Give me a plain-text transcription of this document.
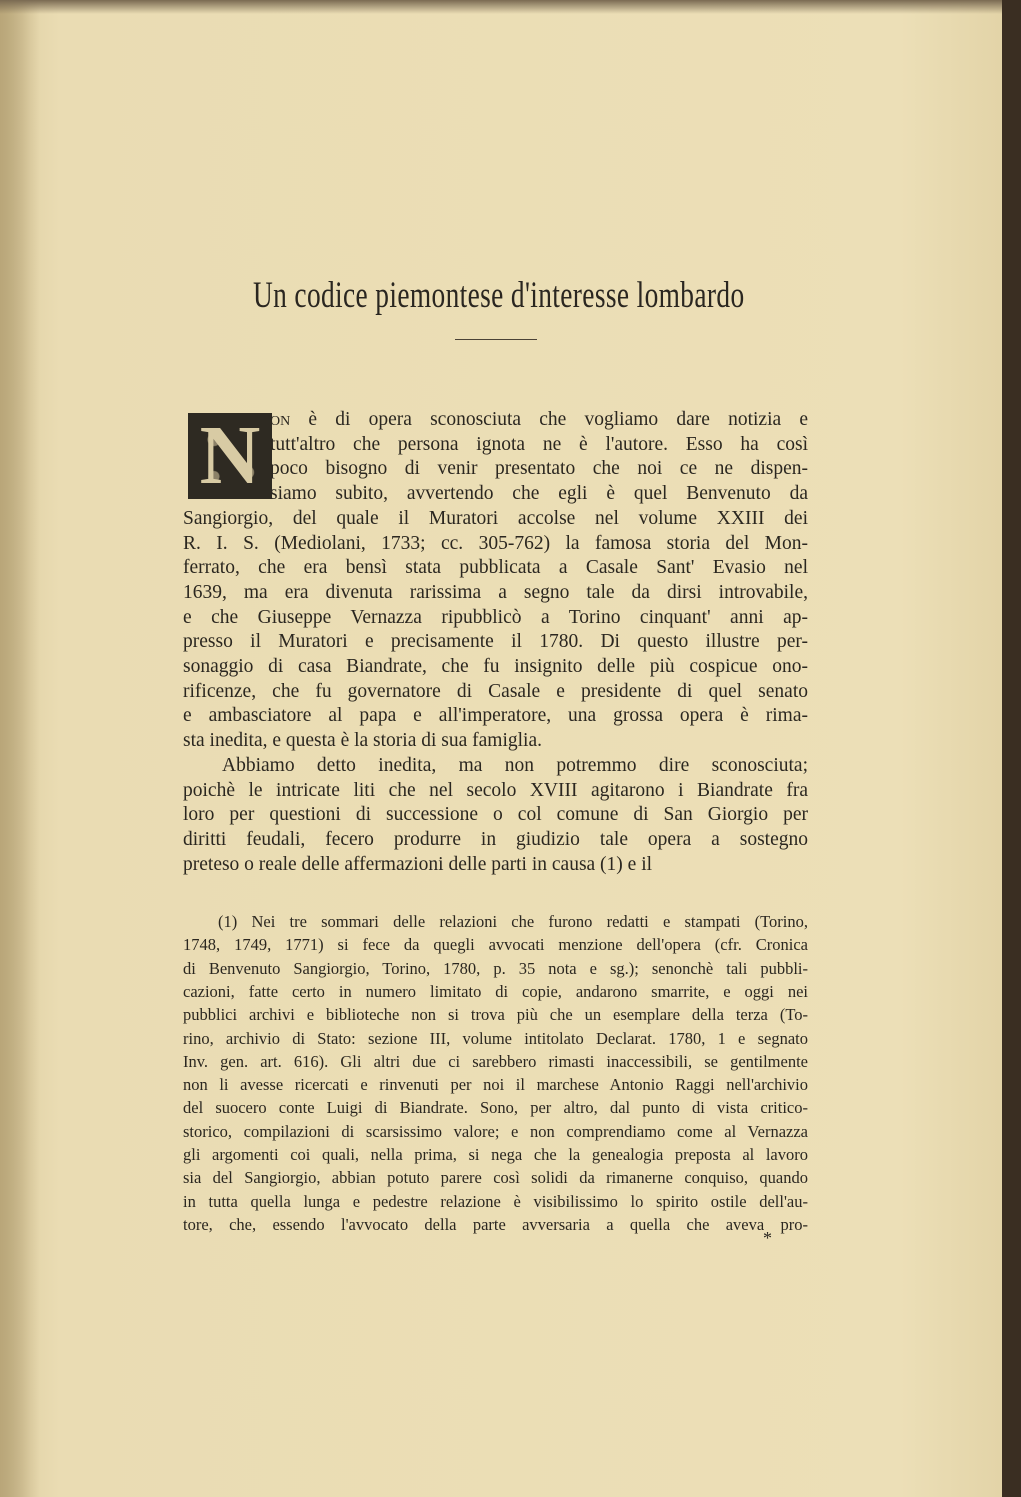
Un codice piemontese d'interesse lombardo
N on è di opera sconosciuta che vogliamo dare notizia e
tutt'altro che persona ignota ne è l'autore. Esso ha così
poco bisogno di venir presentato che noi ce ne dispen-
siamo subito, avvertendo che egli è quel Benvenuto da
Sangiorgio, del quale il Muratori accolse nel volume XXIII dei
R. I. S. (Mediolani, 1733; cc. 305-762) la famosa storia del Mon-
ferrato, che era bensì stata pubblicata a Casale Sant' Evasio nel
1639, ma era divenuta rarissima a segno tale da dirsi introvabile,
e che Giuseppe Vernazza ripubblicò a Torino cinquant' anni ap-
presso il Muratori e precisamente il 1780. Di questo illustre per-
sonaggio di casa Biandrate, che fu insignito delle più cospicue ono-
rificenze, che fu governatore di Casale e presidente di quel senato
e ambasciatore al papa e all'imperatore, una grossa opera è rima-
sta inedita, e questa è la storia di sua famiglia.
Abbiamo detto inedita, ma non potremmo dire sconosciuta;
poichè le intricate liti che nel secolo XVIII agitarono i Biandrate fra
loro per questioni di successione o col comune di San Giorgio per
diritti feudali, fecero produrre in giudizio tale opera a sostegno
preteso o reale delle affermazioni delle parti in causa (1) e il
(1) Nei tre sommari delle relazioni che furono redatti e stampati (Torino,
1748, 1749, 1771) si fece da quegli avvocati menzione dell'opera (cfr. Cronica
di Benvenuto Sangiorgio, Torino, 1780, p. 35 nota e sg.); senonchè tali pubbli-
cazioni, fatte certo in numero limitato di copie, andarono smarrite, e oggi nei
pubblici archivi e biblioteche non si trova più che un esemplare della terza (To-
rino, archivio di Stato: sezione III, volume intitolato Declarat. 1780, 1 e segnato
Inv. gen. art. 616). Gli altri due ci sarebbero rimasti inaccessibili, se gentilmente
non li avesse ricercati e rinvenuti per noi il marchese Antonio Raggi nell'archivio
del suocero conte Luigi di Biandrate. Sono, per altro, dal punto di vista critico-
storico, compilazioni di scarsissimo valore; e non comprendiamo come al Vernazza
gli argomenti coi quali, nella prima, si nega che la genealogia preposta al lavoro
sia del Sangiorgio, abbian potuto parere così solidi da rimanerne conquiso, quando
in tutta quella lunga e pedestre relazione è visibilissimo lo spirito ostile dell'au-
tore, che, essendo l'avvocato della parte avversaria a quella che aveva pro-
*
